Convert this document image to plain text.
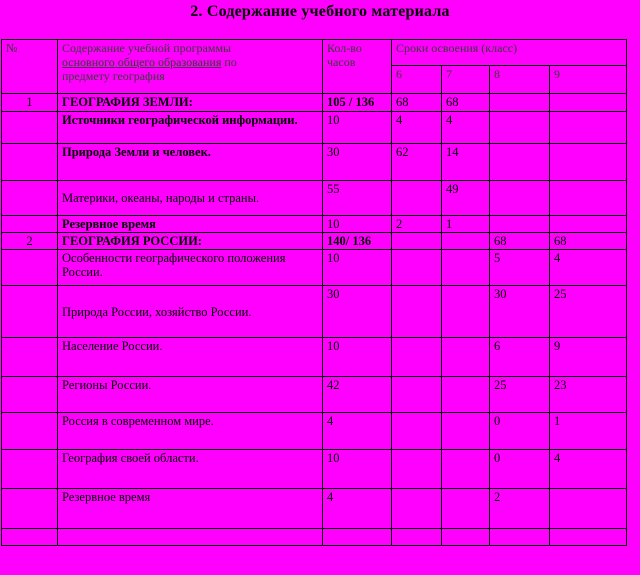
2. Содержание учебного материала
№	Содержание учебной программы
основного общего образования по
предмету география	Кол-во
часов	Сроки освоения (класс)			
			6	7	8	9
1	ГЕОГРАФИЯ ЗЕМЛИ:	105 / 136	68	68		
	Источники географической информации.	10	4	4		
	Природа Земли и человек.	30	62	14		
	Материки, океаны, народы и страны.	55		49		
	Резервное время	10	2	1		
2	ГЕОГРАФИЯ РОССИИ:	140/ 136			68	68
	Особенности географического положения России.	10			5	4
	Природа России, хозяйство России.	30			30	25
	Население России.	10			6	9
	Регионы России.	42			25	23
	Россия в современном мире.	4			0	1
	География своей области.	10			0	4
	Резервное время	4			2	
